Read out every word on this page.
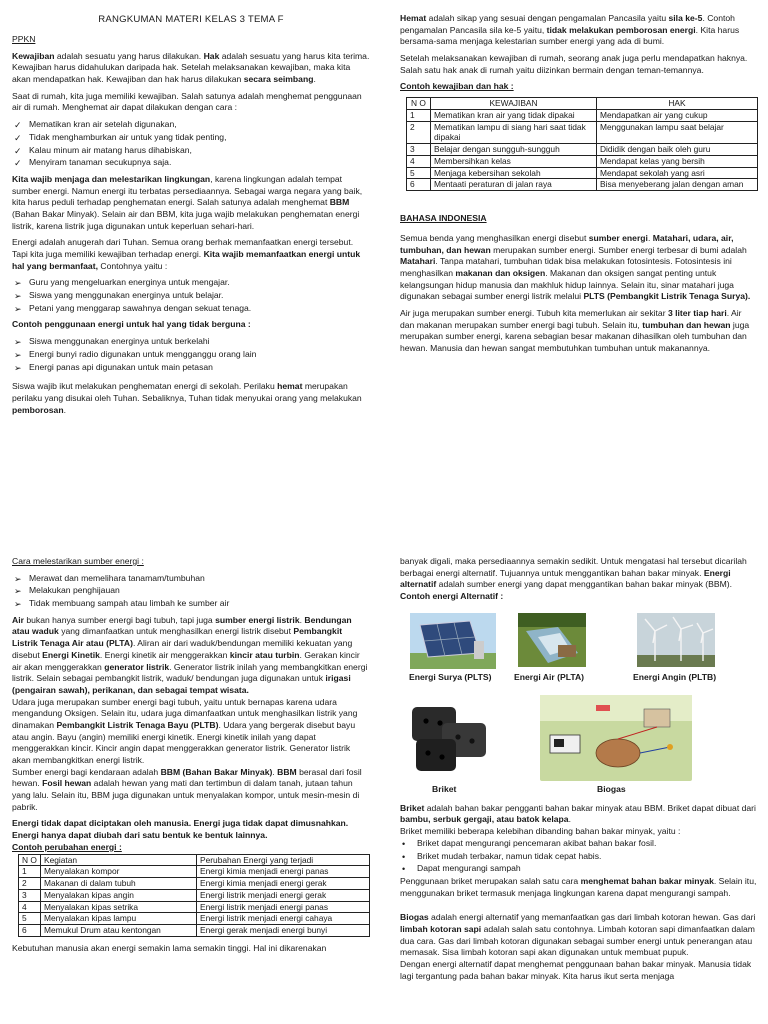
RANGKUMAN MATERI KELAS 3 TEMA F

PPKN

Kewajiban adalah sesuatu yang harus dilakukan. Hak adalah sesuatu yang harus kita terima. Kewajiban harus didahulukan daripada hak. Setelah melaksanakan kewajiban, maka kita akan mendapatkan hak. Kewajiban dan hak harus dilakukan secara seimbang.

Saat di rumah, kita juga memiliki kewajiban. Salah satunya adalah menghemat penggunaan air di rumah. Menghemat air dapat dilakukan dengan cara :

✓ Mematikan kran air setelah digunakan,
✓ Tidak menghamburkan air untuk yang tidak penting,
✓ Kalau minum air matang harus dihabiskan,
✓ Menyiram tanaman secukupnya saja.

Kita wajib menjaga dan melestarikan lingkungan, karena lingkungan adalah tempat sumber energi. Namun energi itu terbatas persediaannya. Sebagai warga negara yang baik, kita harus peduli terhadap penghematan energi. Salah satunya adalah menghemat BBM (Bahan Bakar Minyak). Selain air dan BBM, kita juga wajib melakukan penghematan energi listrik, karena listrik juga digunakan untuk keperluan sehari-hari.

Energi adalah anugerah dari Tuhan. Semua orang berhak memanfaatkan energi tersebut. Tapi kita juga memiliki kewajiban terhadap energi. Kita wajib memanfaatkan energi untuk hal yang bermanfaat, Contohnya yaitu :

➢ Guru yang mengeluarkan energinya untuk mengajar.
➢ Siswa yang menggunakan energinya untuk belajar.
➢ Petani yang menggarap sawahnya dengan sekuat tenaga.

Contoh penggunaan energi untuk hal yang tidak berguna :

➢ Siswa menggunakan energinya untuk berkelahi
➢ Energi bunyi radio digunakan untuk mengganggu orang lain
➢ Energi panas api digunakan untuk main petasan

Siswa wajib ikut melakukan penghematan energi di sekolah. Perilaku hemat merupakan perilaku yang disukai oleh Tuhan. Sebaliknya, Tuhan tidak menyukai orang yang melakukan pemborosan.

Hemat adalah sikap yang sesuai dengan pengamalan Pancasila yaitu sila ke-5. Contoh pengamalan Pancasila sila ke-5 yaitu, tidak melakukan pemborosan energi. Kita harus bersama-sama menjaga kelestarian sumber energi yang ada di bumi.

Setelah melaksanakan kewajiban di rumah, seorang anak juga perlu mendapatkan haknya. Salah satu hak anak di rumah yaitu diizinkan bermain dengan teman-temannya.

Contoh kewajiban dan hak :

N O	KEWAJIBAN	HAK
1	Mematikan kran air yang tidak dipakai	Mendapatkan air yang cukup
2	Mematikan lampu di siang hari saat tidak dipakai	Menggunakan lampu saat belajar
3	Belajar dengan sungguh-sungguh	Dididik dengan baik oleh guru
4	Membersihkan kelas	Mendapat kelas yang bersih
5	Menjaga kebersihan sekolah	Mendapat sekolah yang asri
6	Mentaati peraturan di jalan raya	Bisa menyeberang jalan dengan aman

BAHASA INDONESIA

Semua benda yang menghasilkan energi disebut sumber energi. Matahari, udara, air, tumbuhan, dan hewan merupakan sumber energi. Sumber energi terbesar di bumi adalah Matahari. Tanpa matahari, tumbuhan tidak bisa melakukan fotosintesis. Fotosintesis ini menghasilkan makanan dan oksigen. Makanan dan oksigen sangat penting untuk kelangsungan hidup manusia dan makhluk hidup lainnya. Selain itu, sinar matahari juga digunakan sebagai sumber energi listrik melalui PLTS (Pembangkit Listrik Tenaga Surya).

Air juga merupakan sumber energi. Tubuh kita memerlukan air sekitar 3 liter tiap hari. Air dan makanan merupakan sumber energi bagi tubuh. Selain itu, tumbuhan dan hewan juga merupakan sumber energi, karena sebagian besar makanan dihasilkan oleh tumbuhan dan hewan. Manusia dan hewan sangat membutuhkan tumbuhan untuk makanannya.

Cara melestarikan sumber energi :

➢ Merawat dan memelihara tanamam/tumbuhan
➢ Melakukan penghijauan
➢ Tidak membuang sampah atau limbah ke sumber air

Air bukan hanya sumber energi bagi tubuh, tapi juga sumber energi listrik. Bendungan atau waduk yang dimanfaatkan untuk menghasilkan energi listrik disebut Pembangkit Listrik Tenaga Air atau (PLTA). Aliran air dari waduk/bendungan memiliki kekuatan yang disebut Energi Kinetik. Energi kinetik air menggerakkan kincir atau turbin. Gerakan kincir air akan menggerakkan generator listrik. Generator listrik inilah yang membangkitkan energi listrik. Selain sebagai pembangkit listrik, waduk/ bendungan juga digunakan untuk irigasi (pengairan sawah), perikanan, dan sebagai tempat wisata.

Udara juga merupakan sumber energi bagi tubuh, yaitu untuk bernapas karena udara mengandung Oksigen. Selain itu, udara juga dimanfaatkan untuk menghasilkan listrik yang dinamakan Pembangkit Listrik Tenaga Bayu (PLTB). Udara yang bergerak disebut bayu atau angin. Bayu (angin) memiliki energi kinetik. Energi kinetik inilah yang dapat menggerakkan kincir. Kincir angin dapat menggerakkan generator listrik. Generator listrik akan membangkitkan energi listrik.

Sumber energi bagi kendaraan adalah BBM (Bahan Bakar Minyak). BBM berasal dari fosil hewan. Fosil hewan adalah hewan yang mati dan tertimbun di dalam tanah, jutaan tahun yang lalu. Selain itu, BBM juga digunakan untuk menyalakan kompor, untuk mesin-mesin di pabrik.

Energi tidak dapat diciptakan oleh manusia. Energi juga tidak dapat dimusnahkan. Energi hanya dapat diubah dari satu bentuk ke bentuk lainnya.

Contoh perubahan energi :

N O	Kegiatan	Perubahan Energi yang terjadi
1	Menyalakan kompor	Energi kimia menjadi energi panas
2	Makanan di dalam tubuh	Energi kimia menjadi energi gerak
3	Menyalakan kipas angin	Energi listrik menjadi energi gerak
4	Menyalakan kipas setrika	Energi listrik menjadi energi panas
5	Menyalakan kipas lampu	Energi listrik menjadi energi cahaya
6	Memukul Drum atau kentongan	Energi gerak menjadi energi bunyi

Kebutuhan manusia akan energi semakin lama semakin tinggi. Hal ini dikarenakan

banyak digali, maka persediaannya semakin sedikit. Untuk mengatasi hal tersebut dicarilah berbagai energi alternatif. Tujuannya untuk menggantikan bahan bakar minyak. Energi alternatif adalah sumber energi yang dapat menggantikan bahan bakar minyak (BBM).

Contoh energi Alternatif :

Energi Surya (PLTS)	Energi Air (PLTA)	Energi Angin (PLTB)
Briket	Biogas

Briket adalah bahan bakar pengganti bahan bakar minyak atau BBM. Briket dapat dibuat dari bambu, serbuk gergaji, atau batok kelapa.

Briket memiliki beberapa kelebihan dibanding bahan bakar minyak, yaitu :

• Briket dapat mengurangi pencemaran akibat bahan bakar fosil.
• Briket mudah terbakar, namun tidak cepat habis.
• Dapat mengurangi sampah

Penggunaan briket merupakan salah satu cara menghemat bahan bakar minyak. Selain itu, menggunakan briket termasuk menjaga lingkungan karena dapat mengurangi sampah.

Biogas adalah energi alternatif yang memanfaatkan gas dari limbah kotoran hewan. Gas dari limbah kotoran sapi adalah salah satu contohnya. Limbah kotoran sapi dimanfaatkan dalam dua cara. Gas dari limbah kotoran digunakan sebagai sumber energi untuk penerangan atau memasak. Sisa limbah kotoran sapi akan digunakan untuk membuat pupuk.

Dengan energi alternatif dapat menghemat penggunaan bahan bakar minyak. Manusia tidak lagi tergantung pada bahan bakar minyak. Kita harus ikut serta menjaga
